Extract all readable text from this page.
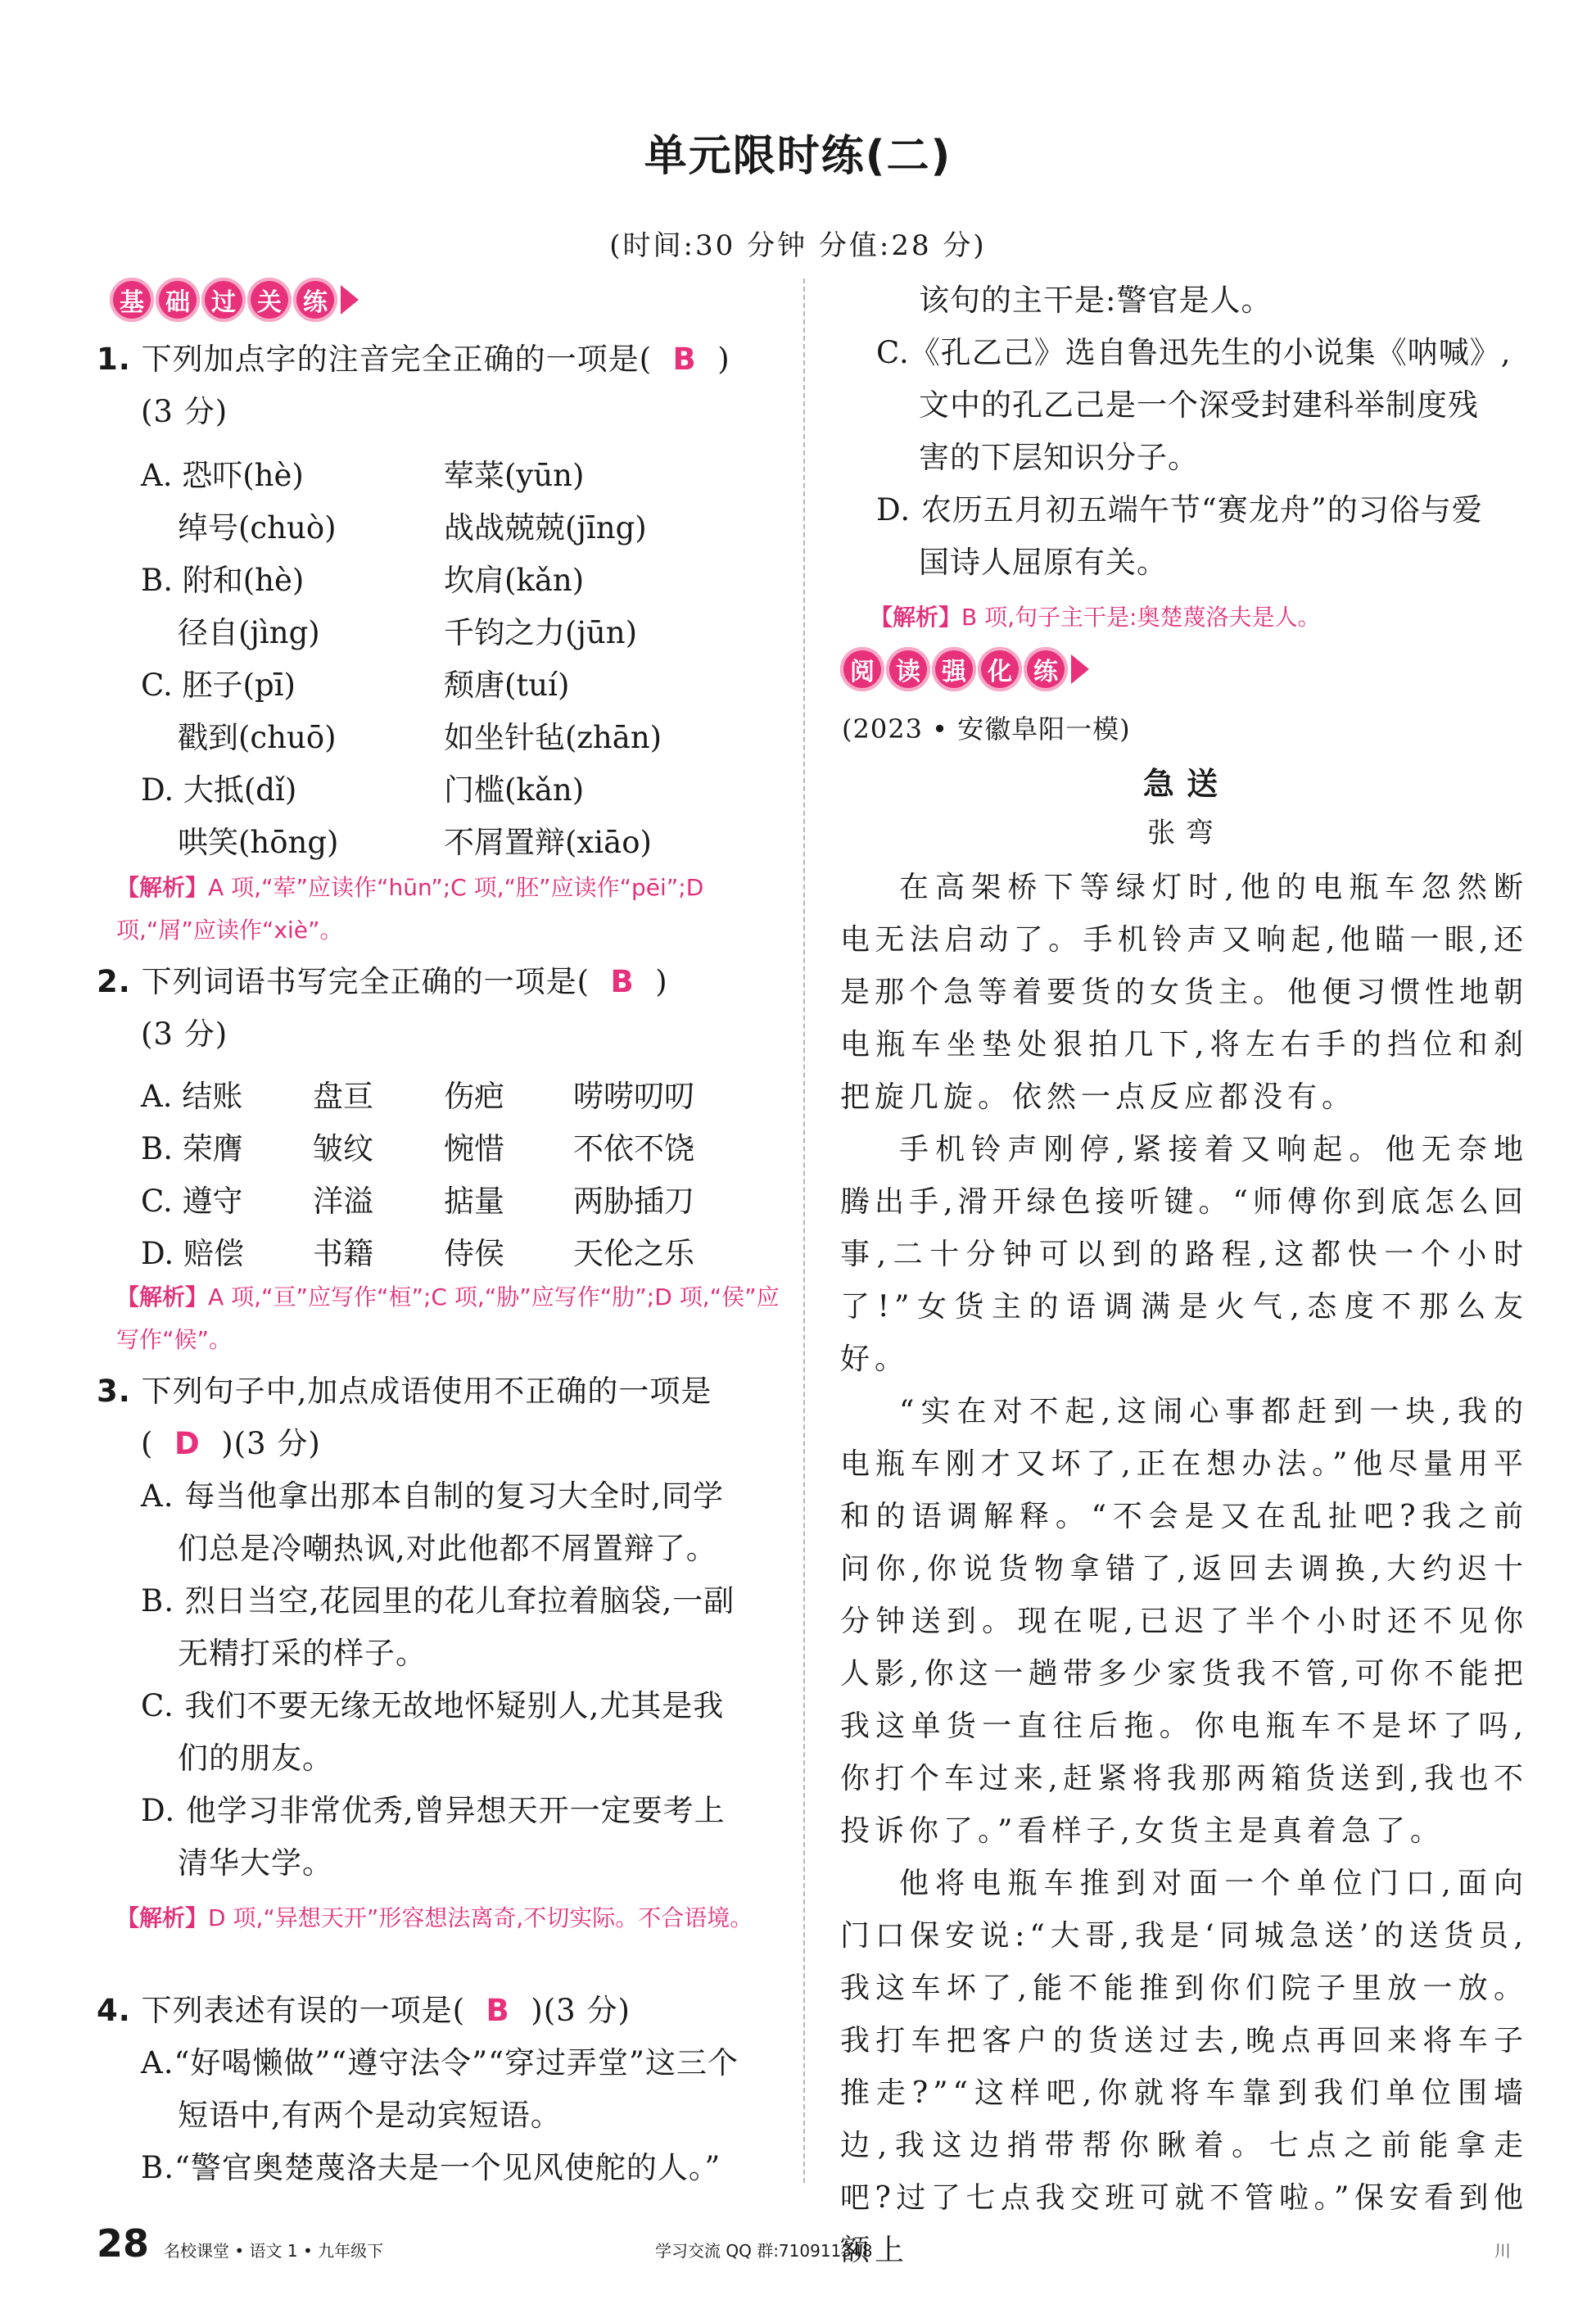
单元限时练(二)
(时间:30 分钟 分值:28 分)
基 础 过 关 练
1. 下列加点字的注音完全正确的一项是( B )
(3 分)
A. 恐吓(hè)	荤菜(yūn)
绰号(chuò)	战战兢兢(jīng)
B. 附和(hè)	坎肩(kǎn)
径自(jìng)	千钧之力(jūn)
C. 胚子(pī)	颓唐(tuí)
戳到(chuō)	如坐针毡(zhān)
D. 大抵(dǐ)	门槛(kǎn)
哄笑(hōng)	不屑置辩(xiāo)
【解析】A 项,“荤”应读作“hūn”;C 项,“胚”应读作“pēi”;D 项,“屑”应读作“xiè”。
2. 下列词语书写完全正确的一项是( B )
(3 分)
A. 结账 盘亘 伤疤 唠唠叨叨
B. 荣膺 皱纹 惋惜 不依不饶
C. 遵守 洋溢 掂量 两胁插刀
D. 赔偿 书籍 侍侯 天伦之乐
【解析】A 项,“亘”应写作“桓”;C 项,“胁”应写作“肋”;D 项,“侯”应写作“候”。
3. 下列句子中,加点成语使用不正确的一项是
( D )(3 分)
A. 每当他拿出那本自制的复习大全时,同学
们总是冷嘲热讽,对此他都不屑置辩了。
B. 烈日当空,花园里的花儿耷拉着脑袋,一副
无精打采的样子。
C. 我们不要无缘无故地怀疑别人,尤其是我
们的朋友。
D. 他学习非常优秀,曾异想天开一定要考上
清华大学。
【解析】D 项,“异想天开”形容想法离奇,不切实际。不合语境。
4. 下列表述有误的一项是( B )(3 分)
A.“好喝懒做”“遵守法令”“穿过弄堂”这三个
短语中,有两个是动宾短语。
B.“警官奥楚蔑洛夫是一个见风使舵的人。”
该句的主干是:警官是人。
C.《孔乙己》选自鲁迅先生的小说集《呐喊》,
文中的孔乙己是一个深受封建科举制度残
害的下层知识分子。
D. 农历五月初五端午节“赛龙舟”的习俗与爱
国诗人屈原有关。
【解析】B 项,句子主干是:奥楚蔑洛夫是人。
阅 读 强 化 练
(2023 • 安徽阜阳一模)
急 送
张 弯

在高架桥下等绿灯时,他的电瓶车忽然断电无法启动了。手机铃声又响起,他瞄一眼,还是那个急等着要货的女货主。他便习惯性地朝电瓶车坐垫处狠拍几下,将左右手的挡位和刹把旋几旋。依然一点反应都没有。

手机铃声刚停,紧接着又响起。他无奈地腾出手,滑开绿色接听键。“师傅你到底怎么回事,二十分钟可以到的路程,这都快一个小时了!”女货主的语调满是火气,态度不那么友好。

“实在对不起,这闹心事都赶到一块,我的电瓶车刚才又坏了,正在想办法。”他尽量用平和的语调解释。“不会是又在乱扯吧?我之前问你,你说货物拿错了,返回去调换,大约迟十分钟送到。现在呢,已迟了半个小时还不见你人影,你这一趟带多少家货我不管,可你不能把我这单货一直往后拖。你电瓶车不是坏了吗,你打个车过来,赶紧将我那两箱货送到,我也不投诉你了。”看样子,女货主是真着急了。

他将电瓶车推到对面一个单位门口,面向门口保安说:“大哥,我是‘同城急送’的送货员,我这车坏了,能不能推到你们院子里放一放。我打车把客户的货送过去,晚点再回来将车子推走?”“这样吧,你就将车靠到我们单位围墙边,我这边捎带帮你瞅着。七点之前能拿走吧?过了七点我交班可就不管啦。”保安看到他额上

28 名校课堂 • 语文 1 • 九年级下	学习交流 QQ 群:710911348	川
